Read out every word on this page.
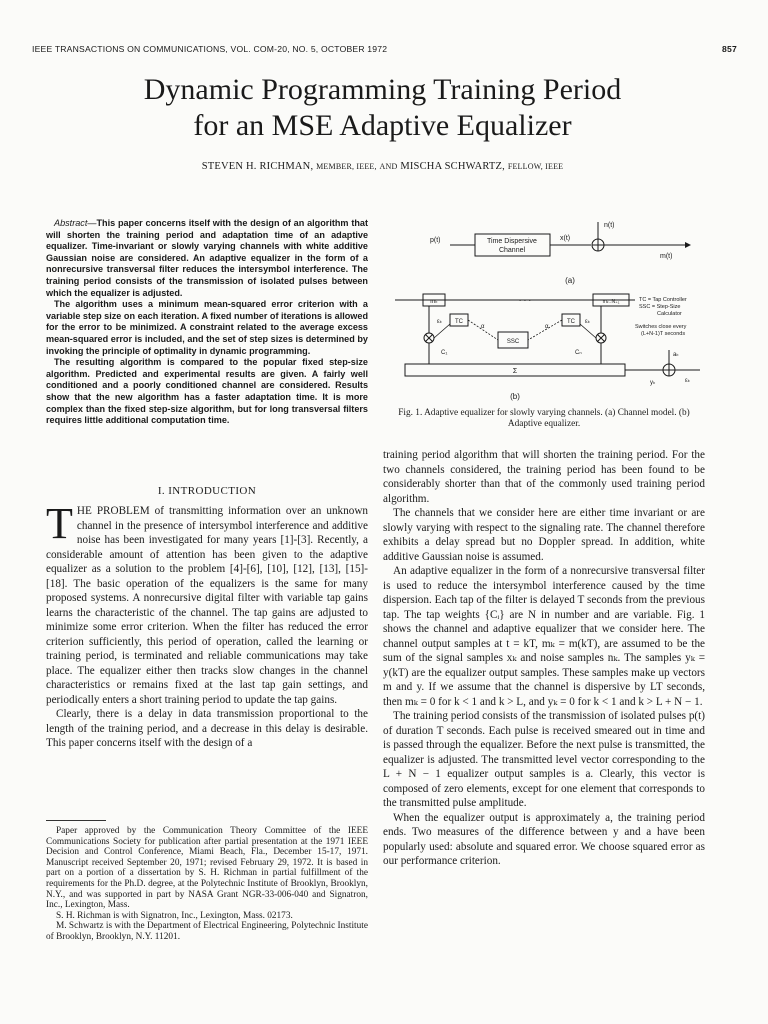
IEEE TRANSACTIONS ON COMMUNICATIONS, VOL. COM-20, NO. 5, OCTOBER 1972	857
Dynamic Programming Training Period
for an MSE Adaptive Equalizer
STEVEN H. RICHMAN, MEMBER, IEEE, AND MISCHA SCHWARTZ, FELLOW, IEEE

Abstract—This paper concerns itself with the design of an algorithm that will shorten the training period and adaptation time of an adaptive equalizer. Time-invariant or slowly varying channels with white additive Gaussian noise are considered. An adaptive equalizer in the form of a nonrecursive transversal filter reduces the intersymbol interference. The training period consists of the transmission of isolated pulses between which the equalizer is adjusted.

The algorithm uses a minimum mean-squared error criterion with a variable step size on each iteration. A fixed number of iterations is allowed for the error to be minimized. A constraint related to the average excess mean-squared error is included, and the set of step sizes is determined by invoking the principle of optimality in dynamic programming.

The resulting algorithm is compared to the popular fixed step-size algorithm. Predicted and experimental results are given. A fairly well conditioned and a poorly conditioned channel are considered. Results show that the new algorithm has a faster adaptation time. It is more complex than the fixed step-size algorithm, but for long transversal filters requires little additional computation time.

I. INTRODUCTION

THE PROBLEM of transmitting information over an unknown channel in the presence of intersymbol interference and additive noise has been investigated for many years [1]-[3]. Recently, a considerable amount of attention has been given to the adaptive equalizer as a solution to the problem [4]-[6], [10], [12], [13], [15]-[18]. The basic operation of the equalizers is the same for many proposed systems. A nonrecursive digital filter with variable tap gains learns the characteristic of the channel. The tap gains are adjusted to minimize some error criterion. When the filter has reduced the error criterion sufficiently, this period of operation, called the learning or training period, is terminated and reliable communications may take place. The equalizer either then tracks slow changes in the channel characteristics or remains fixed at the last tap gain settings, and periodically enters a short training period to update the tap gains.

Clearly, there is a delay in data transmission proportional to the length of the training period, and a decrease in this delay is desirable. This paper concerns itself with the design of a

Paper approved by the Communication Theory Committee of the IEEE Communications Society for publication after partial presentation at the 1971 IEEE Decision and Control Conference, Miami Beach, Fla., December 15-17, 1971. Manuscript received September 20, 1971; revised February 29, 1972. It is based in part on a portion of a dissertation by S. H. Richman in partial fulfillment of the requirements for the Ph.D. degree, at the Polytechnic Institute of Brooklyn, Brooklyn, N.Y., and was supported in part by NASA Grant NGR-33-006-040 and Signatron, Inc., Lexington, Mass.

S. H. Richman is with Signatron, Inc., Lexington, Mass. 02173.

M. Schwartz is with the Department of Electrical Engineering, Polytechnic Institute of Brooklyn, Brooklyn, N.Y. 11201.

Time Dispersive
Channel
p(t)	x(t)
n(t)
m(t)
(a)
mₖ	· · ·	mₖ₋N₊₁
TC	TC
SSC
α	α
εₖ	εₖ
C₁	Cₙ
Σ
aₖ
yₖ	εₖ
TC = Tap Controller
SSC = Step-Size
Calculator
Switches close every
(L+N-1)T seconds
(b)
Fig. 1. Adaptive equalizer for slowly varying channels. (a) Channel model. (b) Adaptive equalizer.

training period algorithm that will shorten the training period. For the two channels considered, the training period has been found to be considerably shorter than that of the commonly used training period algorithm.

The channels that we consider here are either time invariant or are slowly varying with respect to the signaling rate. The channel therefore exhibits a delay spread but no Doppler spread. In addition, white additive Gaussian noise is assumed.

An adaptive equalizer in the form of a nonrecursive transversal filter is used to reduce the intersymbol interference caused by the time dispersion. Each tap of the filter is delayed T seconds from the previous tap. The tap weights {Cᵢ} are N in number and are variable. Fig. 1 shows the channel and adaptive equalizer that we consider here. The channel output samples at t = kT, mₖ = m(kT), are assumed to be the sum of the signal samples xₖ and noise samples nₖ. The samples yₖ = y(kT) are the equalizer output samples. These samples make up vectors m and y. If we assume that the channel is dispersive by LT seconds, then mₖ = 0 for k < 1 and k > L, and yₖ = 0 for k < 1 and k > L + N − 1.

The training period consists of the transmission of isolated pulses p(t) of duration T seconds. Each pulse is received smeared out in time and is passed through the equalizer. Before the next pulse is transmitted, the equalizer is adjusted. The transmitted level vector corresponding to the L + N − 1 equalizer output samples is a. Clearly, this vector is composed of zero elements, except for one element that corresponds to the transmitted pulse amplitude.

When the equalizer output is approximately a, the training period ends. Two measures of the difference between y and a have been popularly used: absolute and squared error. We choose squared error as our performance criterion.
